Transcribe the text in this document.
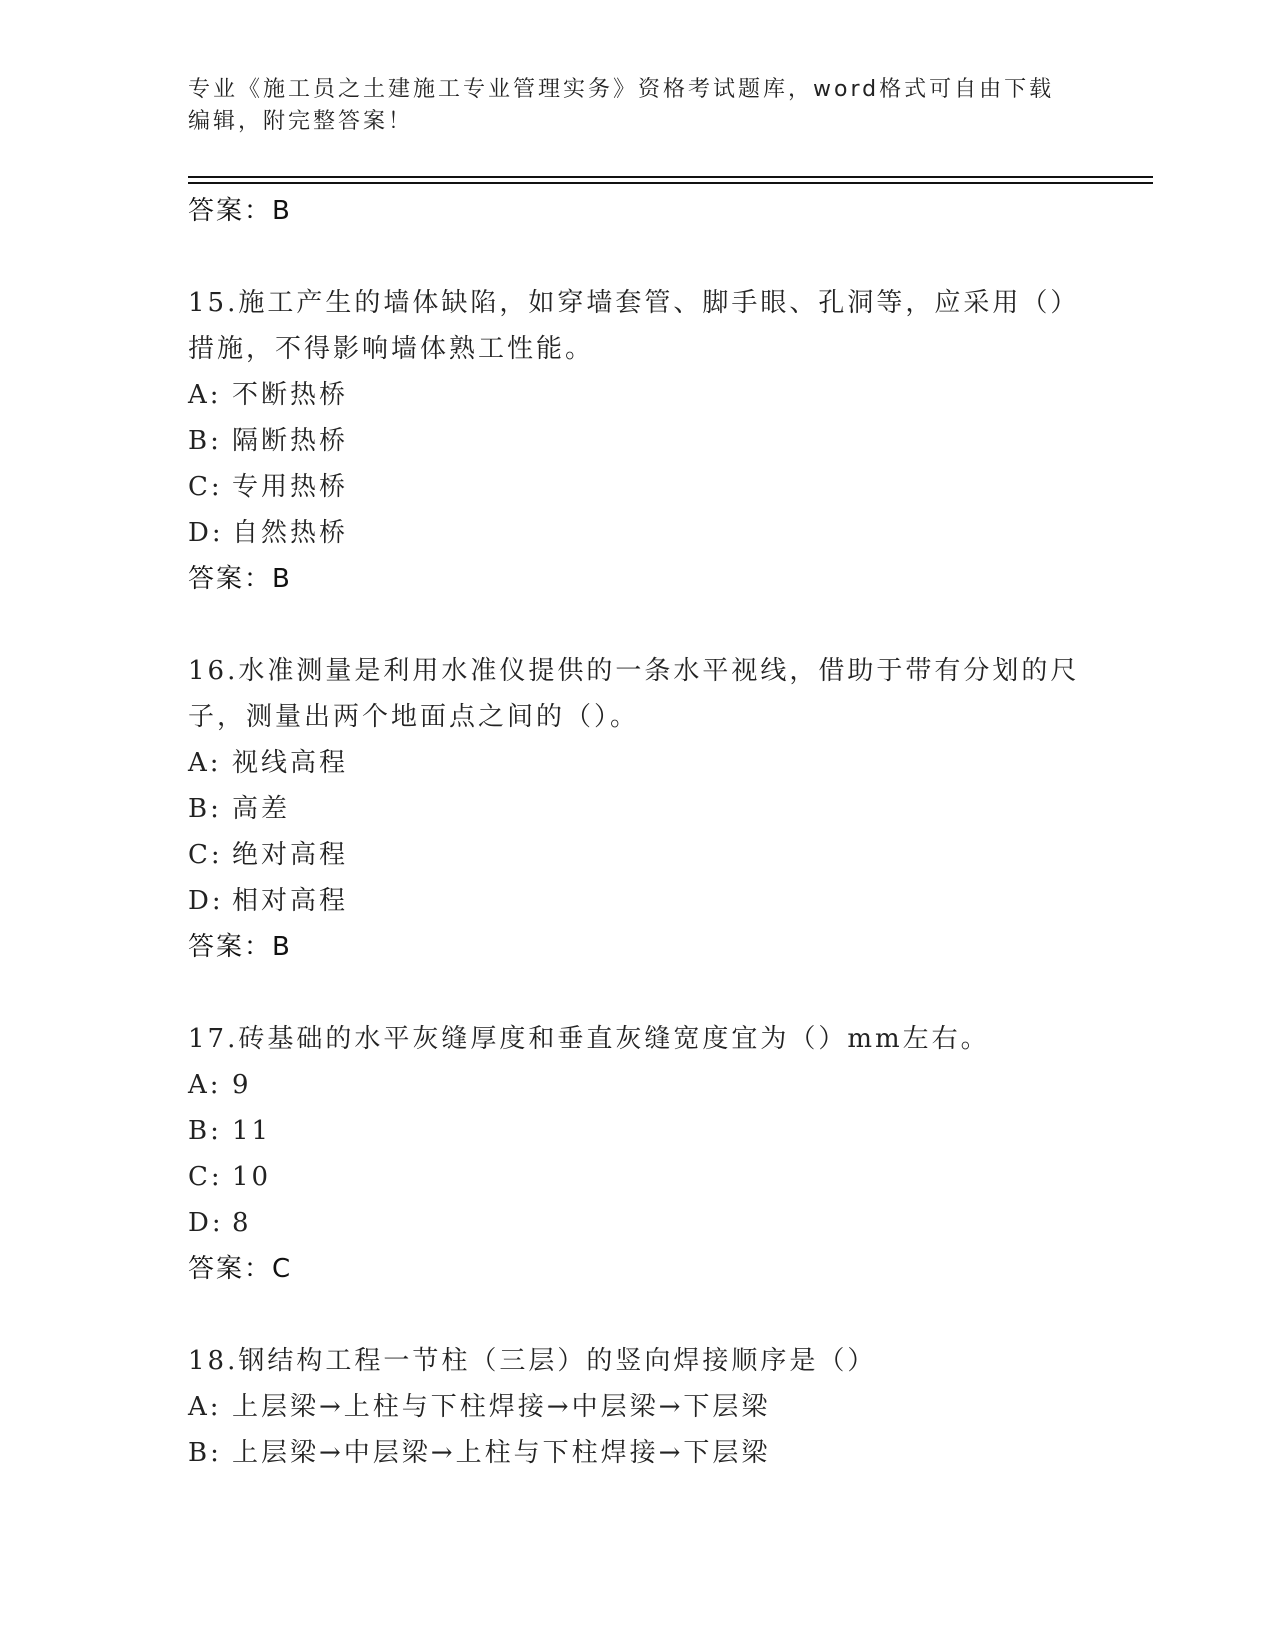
专业《施工员之土建施工专业管理实务》资格考试题库，word格式可自由下载编辑，附完整答案！
答案：B
15.施工产生的墙体缺陷，如穿墙套管、脚手眼、孔洞等，应采用（）措施，不得影响墙体熟工性能。
A: 不断热桥
B: 隔断热桥
C: 专用热桥
D: 自然热桥
答案：B
16.水准测量是利用水准仪提供的一条水平视线，借助于带有分划的尺子，测量出两个地面点之间的（）。
A: 视线高程
B: 高差
C: 绝对高程
D: 相对高程
答案：B
17.砖基础的水平灰缝厚度和垂直灰缝宽度宜为（）mm左右。
A: 9
B: 11
C: 10
D: 8
答案：C
18.钢结构工程一节柱（三层）的竖向焊接顺序是（）
A: 上层梁→上柱与下柱焊接→中层梁→下层梁
B: 上层梁→中层梁→上柱与下柱焊接→下层梁
